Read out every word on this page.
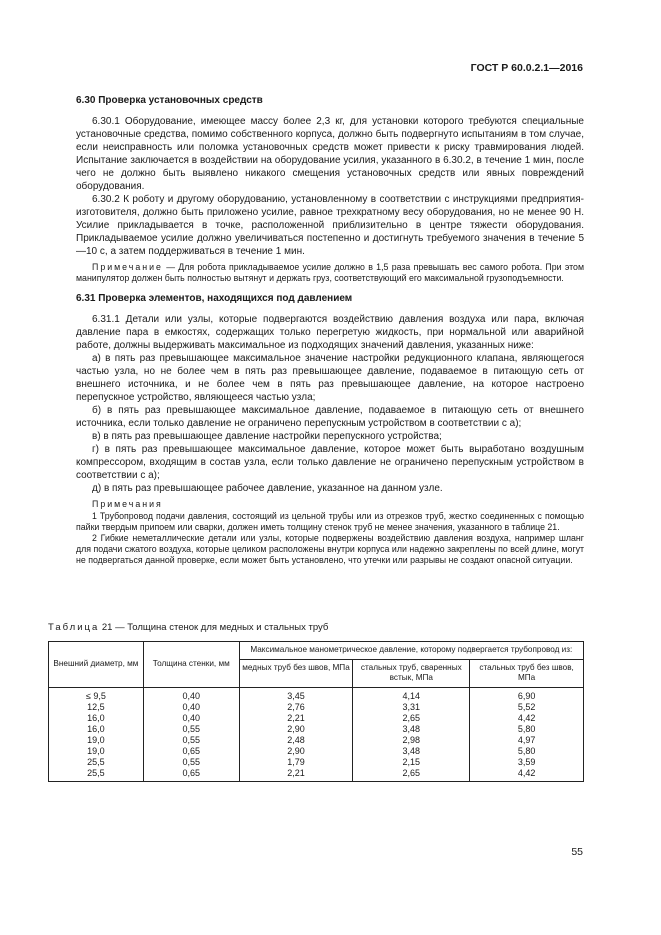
ГОСТ Р 60.0.2.1—2016
6.30 Проверка установочных средств

6.30.1 Оборудование, имеющее массу более 2,3 кг, для установки которого требуются специальные установочные средства, помимо собственного корпуса, должно быть подвергнуто испытаниям в том случае, если неисправность или поломка установочных средств может привести к риску травмирования людей. Испытание заключается в воздействии на оборудование усилия, указанного в 6.30.2, в течение 1 мин, после чего не должно быть выявлено никакого смещения установочных средств или явных повреждений оборудования.

6.30.2 К роботу и другому оборудованию, установленному в соответствии с инструкциями предприятия-изготовителя, должно быть приложено усилие, равное трехкратному весу оборудования, но не менее 90 Н. Усилие прикладывается в точке, расположенной приблизительно в центре тяжести оборудования. Прикладываемое усилие должно увеличиваться постепенно и достигнуть требуемого значения в течение 5—10 с, а затем поддерживаться в течение 1 мин.

Примечание — Для робота прикладываемое усилие должно в 1,5 раза превышать вес самого робота. При этом манипулятор должен быть полностью вытянут и держать груз, соответствующий его максимальной грузоподъемности.

6.31 Проверка элементов, находящихся под давлением

6.31.1 Детали или узлы, которые подвергаются воздействию давления воздуха или пара, включая давление пара в емкостях, содержащих только перегретую жидкость, при нормальной или аварийной работе, должны выдерживать максимальное из подходящих значений давления, указанных ниже:

а) в пять раз превышающее максимальное значение настройки редукционного клапана, являющегося частью узла, но не более чем в пять раз превышающее давление, подаваемое в питающую сеть от внешнего источника, и не более чем в пять раз превышающее давление, на которое настроено перепускное устройство, являющееся частью узла;

б) в пять раз превышающее максимальное давление, подаваемое в питающую сеть от внешнего источника, если только давление не ограничено перепускным устройством в соответствии с а);

в) в пять раз превышающее давление настройки перепускного устройства;

г) в пять раз превышающее максимальное давление, которое может быть выработано воздушным компрессором, входящим в состав узла, если только давление не ограничено перепускным устройством в соответствии с а);

д) в пять раз превышающее рабочее давление, указанное на данном узле.

Примечания

1 Трубопровод подачи давления, состоящий из цельной трубы или из отрезков труб, жестко соединенных с помощью пайки твердым припоем или сварки, должен иметь толщину стенок труб не менее значения, указанного в таблице 21.

2 Гибкие неметаллические детали или узлы, которые подвержены воздействию давления воздуха, например шланг для подачи сжатого воздуха, которые целиком расположены внутри корпуса или надежно закреплены по всей длине, могут не подвергаться данной проверке, если может быть установлено, что утечки или разрывы не создают опасной ситуации.

Таблица 21 — Толщина стенок для медных и стальных труб
Внешний диаметр, мм	Толщина стенки, мм	Максимальное манометрическое давление, которому подвергается трубопровод из:		
		медных труб без швов, МПа	стальных труб, сваренных встык, МПа	стальных труб без швов, МПа
≤ 9,5	0,40	3,45	4,14	6,90
12,5	0,40	2,76	3,31	5,52
16,0	0,40	2,21	2,65	4,42
16,0	0,55	2,90	3,48	5,80
19,0	0,55	2,48	2,98	4,97
19,0	0,65	2,90	3,48	5,80
25,5	0,55	1,79	2,15	3,59
25,5	0,65	2,21	2,65	4,42
55
